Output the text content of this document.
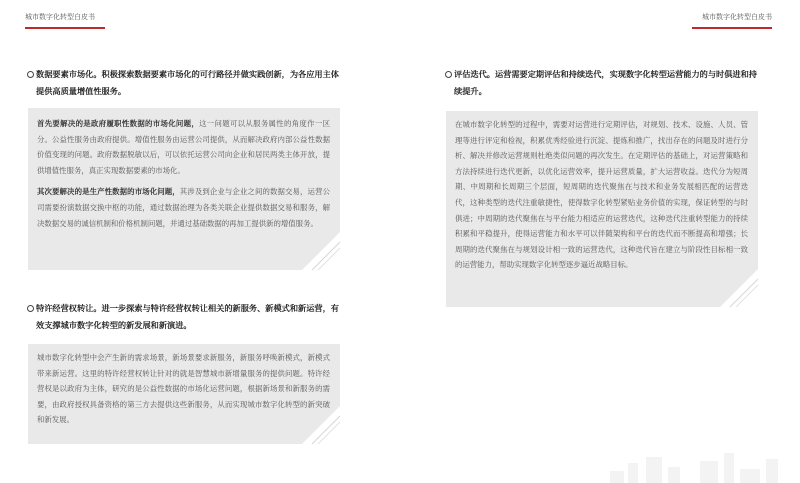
城市数字化转型白皮书	城市数字化转型白皮书
数据要素市场化。积极探索数据要素市场化的可行路径并做实践创新，为各应用主体提供高质量增值性服务。

首先要解决的是政府履职性数据的市场化问题，这一问题可以从服务属性的角度作一区分。公益性服务由政府提供。增值性服务由运营公司提供，从而解决政府内部公益性数据价值变现的问题。政府数据脱敏以后，可以依托运营公司向企业和居民两类主体开放，提供增值性服务，真正实现数据要素的市场化。

其次要解决的是生产性数据的市场化问题，其涉及到企业与企业之间的数据交易，运营公司需要扮演数据交换中枢的功能，通过数据治理为各类关联企业提供数据交易和服务，解决数据交易的诚信机制和价格机制问题，并通过基础数据的再加工提供新的增值服务。

特许经营权转让。进一步探索与特许经营权转让相关的新服务、新模式和新运营，有效支撑城市数字化转型的新发展和新演进。

城市数字化转型中会产生新的需求场景，新场景要求新服务，新服务呼唤新模式，新模式带来新运营。这里的特许经营权转让针对的就是智慧城市新增量服务的提供问题。特许经营权是以政府为主体，研究的是公益性数据的市场化运营问题，根据新场景和新服务的需要，由政府授权具备资格的第三方去提供这些新服务，从而实现城市数字化转型的新突破和新发展。

评估迭代。运营需要定期评估和持续迭代，实现数字化转型运营能力的与时俱进和持续提升。

在城市数字化转型的过程中，需要对运营进行定期评估，对规划、技术、设施、人员、管理等进行评定和检视，积累优秀经验进行沉淀、提炼和推广，找出存在的问题及时进行分析、解决并修改运营规则杜绝类似问题的再次发生。在定期评估的基础上，对运营策略和方法持续进行迭代更新，以优化运营效率，提升运营质量，扩大运营收益。迭代分为短周期、中周期和长周期三个层面，短周期的迭代聚焦在与技术和业务发展相匹配的运营迭代，这种类型的迭代注重敏捷性，使得数字化转型紧贴业务价值的实现，保证转型的与时俱进；中周期的迭代聚焦在与平台能力相适应的运营迭代，这种迭代注重转型能力的持续积累和平稳提升，使得运营能力和水平可以伴随架构和平台的迭代而不断提高和增强；长周期的迭代聚焦在与规划设计相一致的运营迭代，这种迭代旨在建立与阶段性目标相一致的运营能力，帮助实现数字化转型逐步逼近战略目标。
